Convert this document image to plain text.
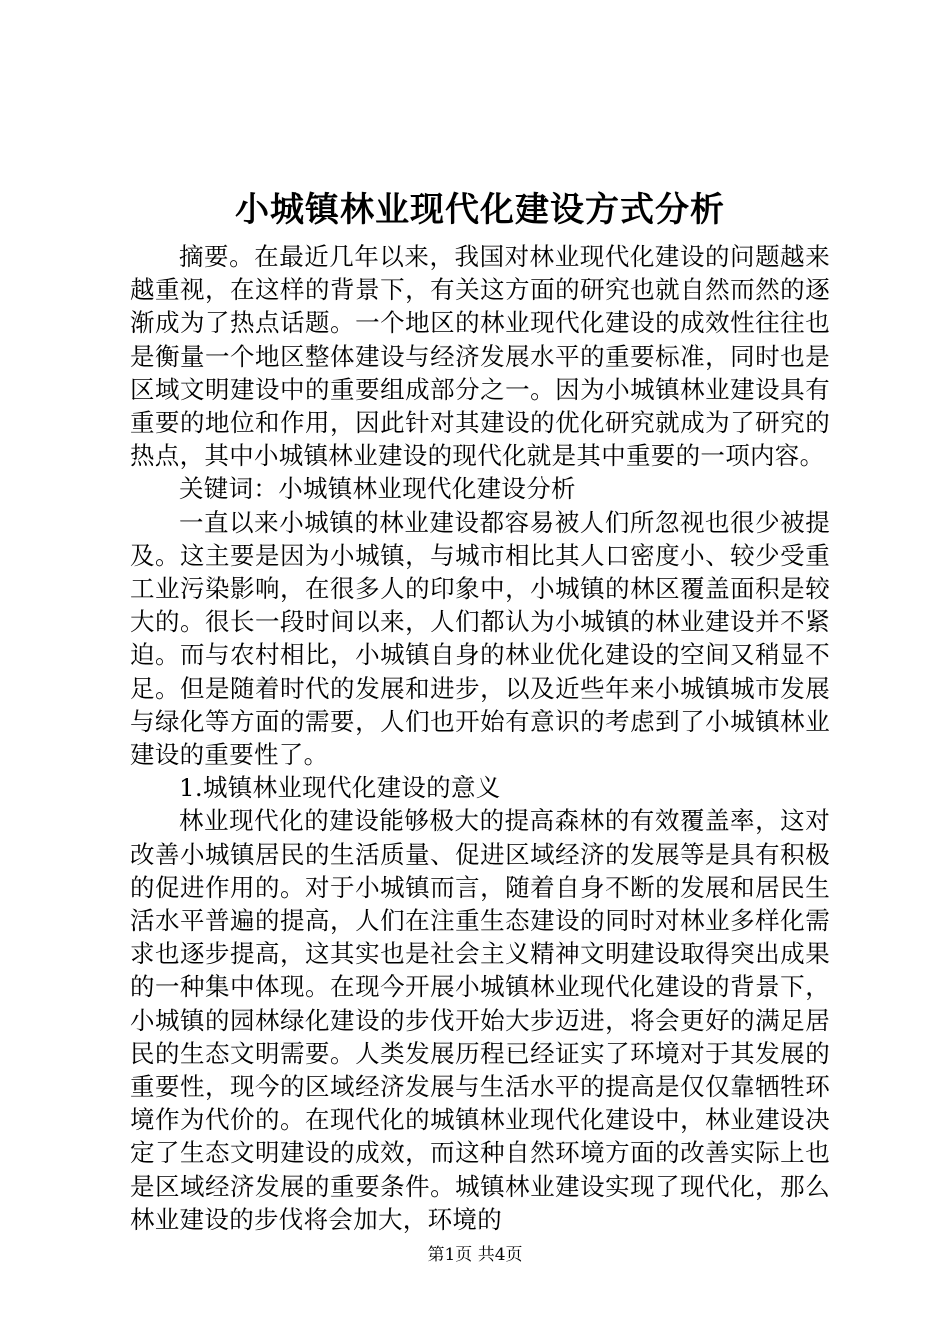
小城镇林业现代化建设方式分析

摘要。在最近几年以来，我国对林业现代化建设的问题越来越重视，在这样的背景下，有关这方面的研究也就自然而然的逐渐成为了热点话题。一个地区的林业现代化建设的成效性往往也是衡量一个地区整体建设与经济发展水平的重要标准，同时也是区域文明建设中的重要组成部分之一。因为小城镇林业建设具有重要的地位和作用，因此针对其建设的优化研究就成为了研究的热点，其中小城镇林业建设的现代化就是其中重要的一项内容。

关键词：小城镇林业现代化建设分析

一直以来小城镇的林业建设都容易被人们所忽视也很少被提及。这主要是因为小城镇，与城市相比其人口密度小、较少受重工业污染影响，在很多人的印象中，小城镇的林区覆盖面积是较大的。很长一段时间以来，人们都认为小城镇的林业建设并不紧迫。而与农村相比，小城镇自身的林业优化建设的空间又稍显不足。但是随着时代的发展和进步，以及近些年来小城镇城市发展与绿化等方面的需要，人们也开始有意识的考虑到了小城镇林业建设的重要性了。

1.城镇林业现代化建设的意义

林业现代化的建设能够极大的提高森林的有效覆盖率，这对改善小城镇居民的生活质量、促进区域经济的发展等是具有积极的促进作用的。对于小城镇而言，随着自身不断的发展和居民生活水平普遍的提高，人们在注重生态建设的同时对林业多样化需求也逐步提高，这其实也是社会主义精神文明建设取得突出成果的一种集中体现。在现今开展小城镇林业现代化建设的背景下，小城镇的园林绿化建设的步伐开始大步迈进，将会更好的满足居民的生态文明需要。人类发展历程已经证实了环境对于其发展的重要性，现今的区域经济发展与生活水平的提高是仅仅靠牺牲环境作为代价的。在现代化的城镇林业现代化建设中，林业建设决定了生态文明建设的成效，而这种自然环境方面的改善实际上也是区域经济发展的重要条件。城镇林业建设实现了现代化，那么林业建设的步伐将会加大，环境的

第1页 共4页
